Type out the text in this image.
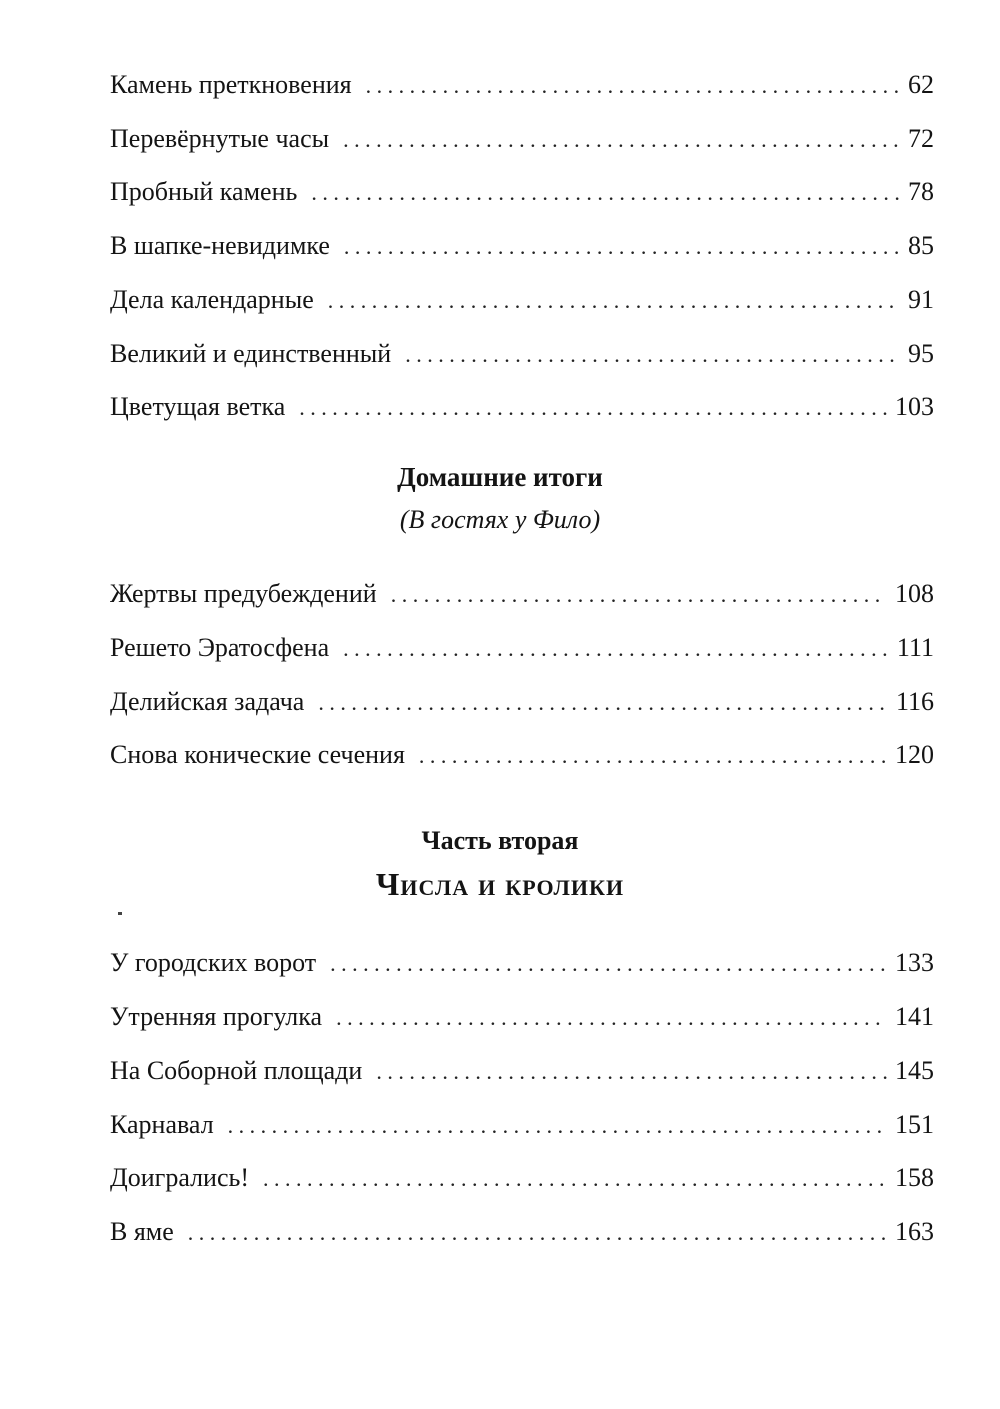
Камень преткновения . . .	62
Перевёрнутые часы . . .	72
Пробный камень . . .	78
В шапке-невидимке . . .	85
Дела календарные . . .	91
Великий и единственный . . .	95
Цветущая ветка . . .	103
Домашние итоги
(В гостях у Фило)
Жертвы предубеждений . . .	108
Решето Эратосфена . . .	111
Делийская задача . . .	116
Снова конические сечения . . .	120
Часть вторая
Числа и кролики
У городских ворот . . .	133
Утренняя прогулка . . .	141
На Соборной площади . . .	145
Карнавал . . .	151
Доигрались! . . .	158
В яме . . .	163
